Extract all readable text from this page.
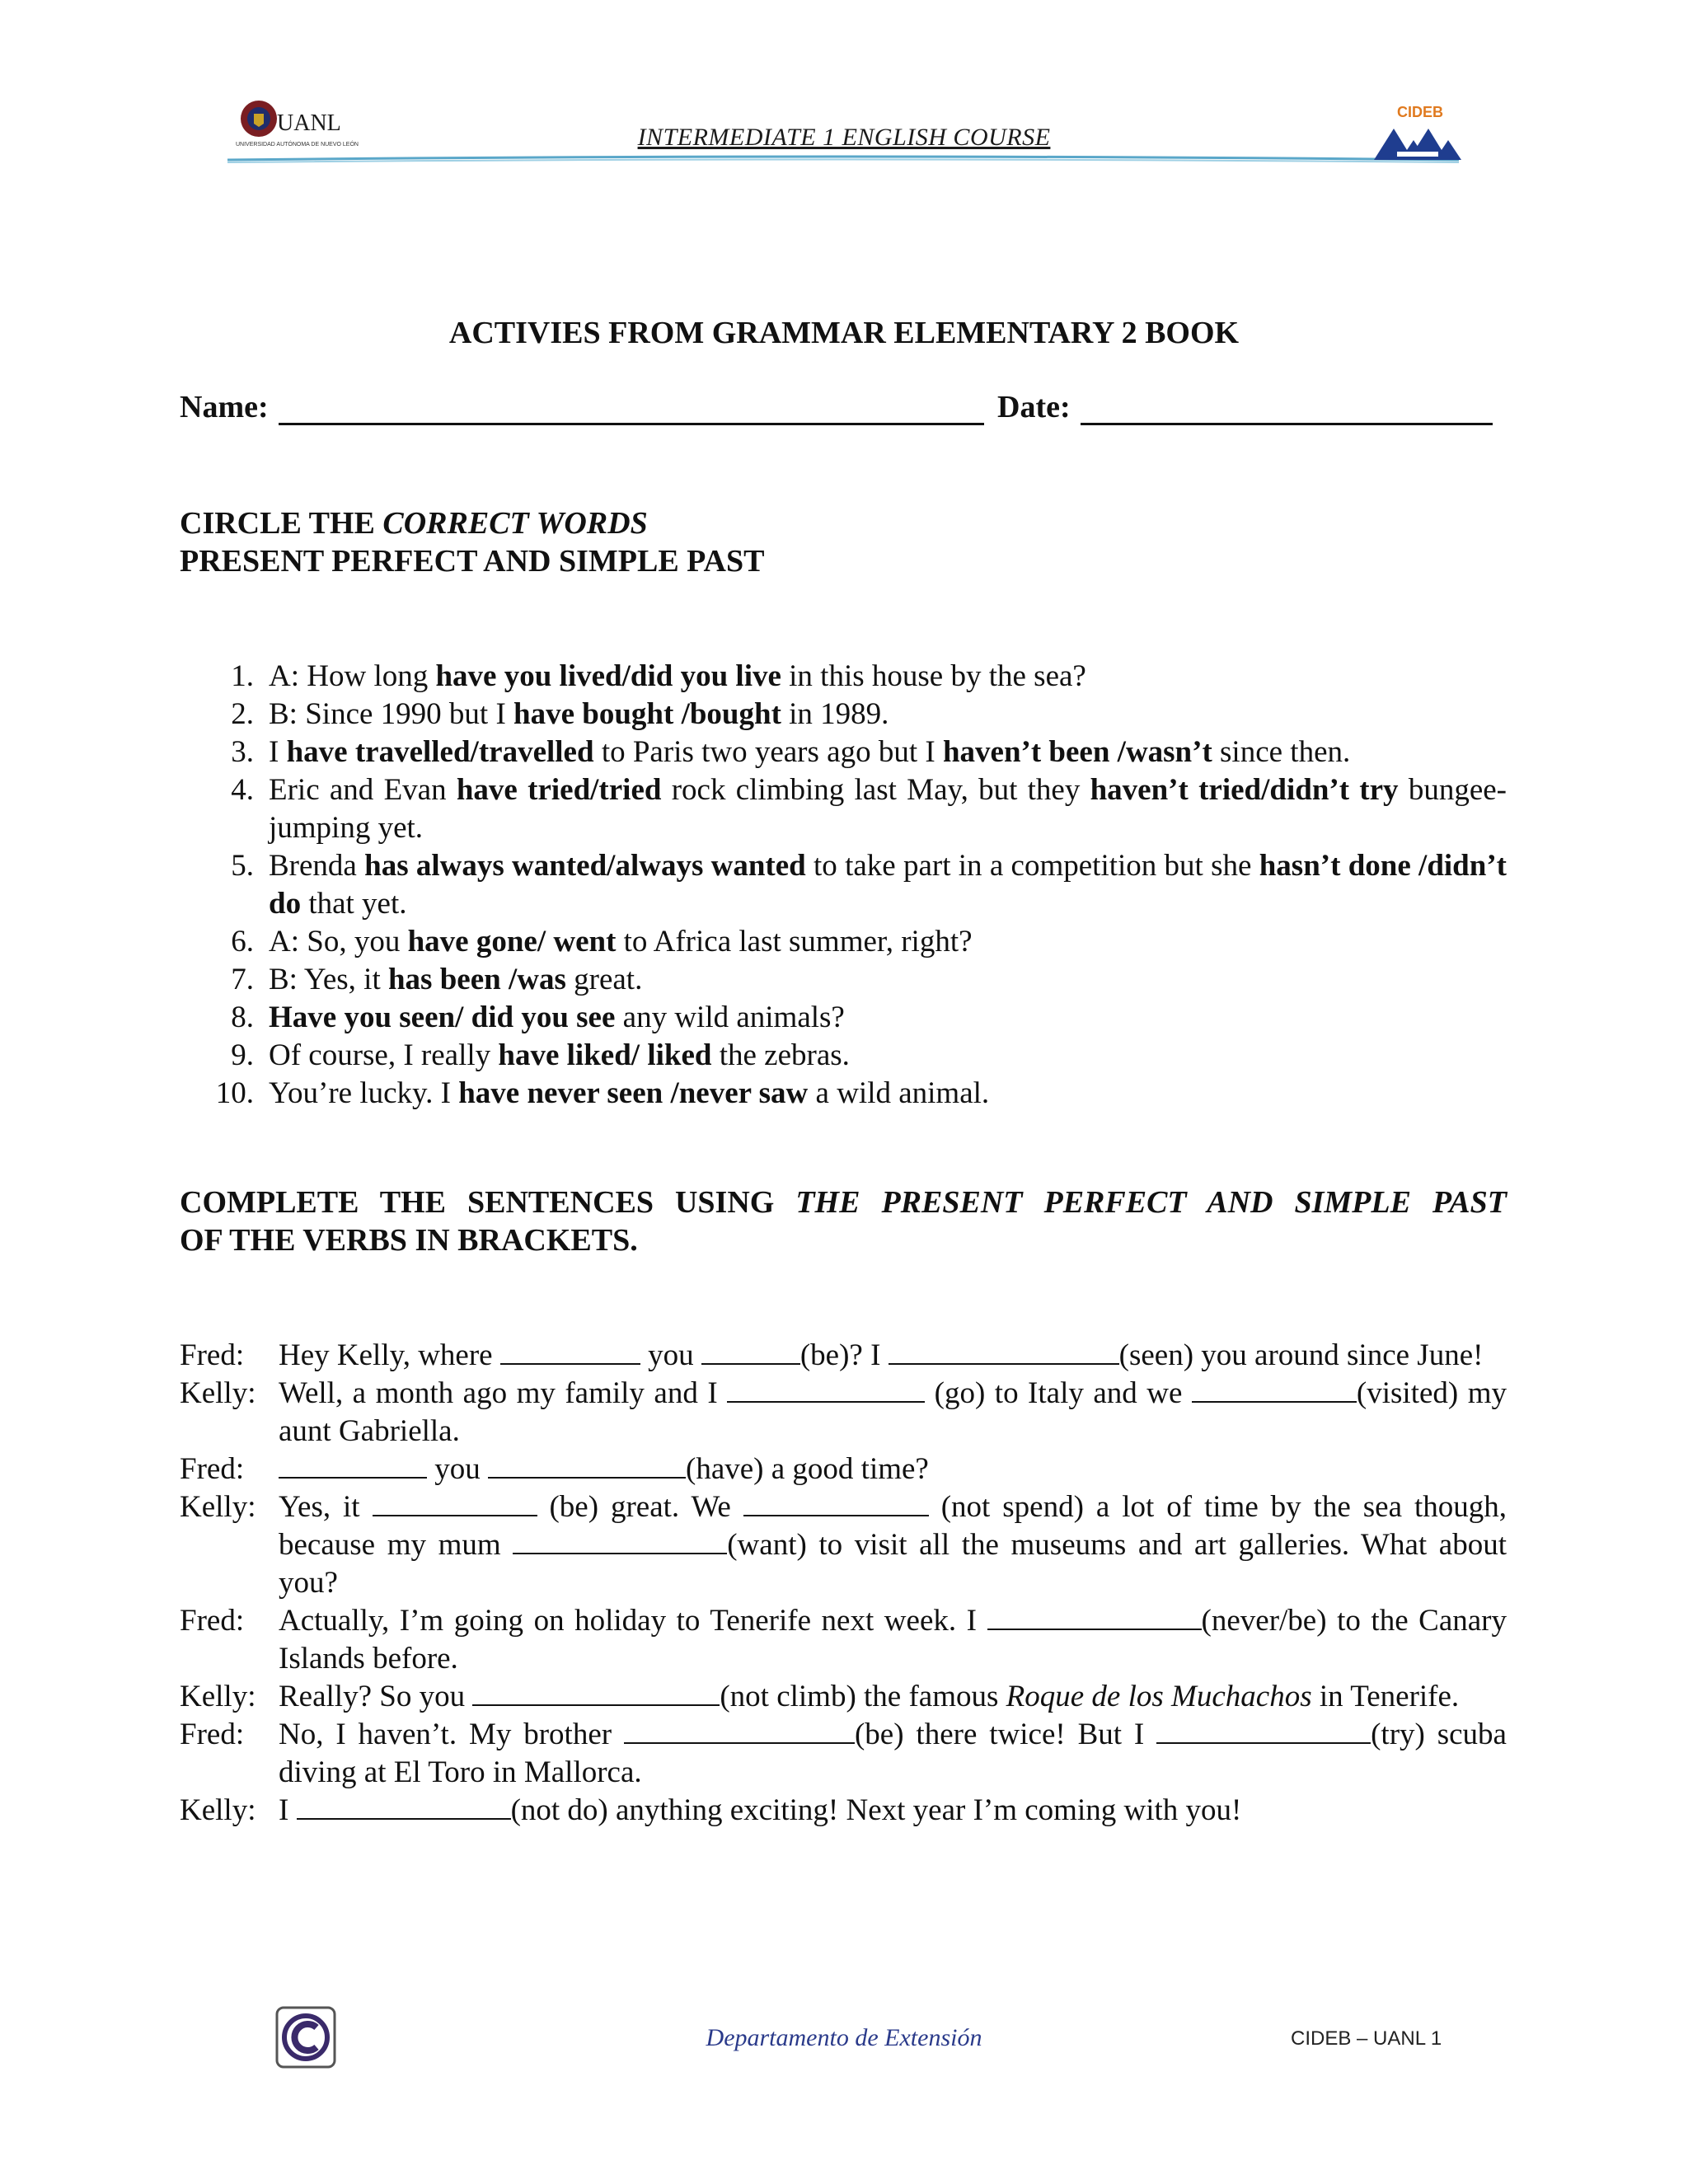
UANL
UNIVERSIDAD AUTÓNOMA DE NUEVO LEÓN	INTERMEDIATE 1 ENGLISH COURSE
CIDEB
ACTIVIES FROM GRAMMAR ELEMENTARY 2 BOOK
Name:	Date:
CIRCLE THE CORRECT WORDS
PRESENT PERFECT AND SIMPLE PAST
1. A: How long have you lived/did you live in this house by the sea?
2. B: Since 1990 but I have bought /bought in 1989.
3. I have travelled/travelled to Paris two years ago but I haven’t been /wasn’t since then.
4. Eric and Evan have tried/tried rock climbing last May, but they haven’t tried/didn’t try bungee-jumping yet.
5. Brenda has always wanted/always wanted to take part in a competition but she hasn’t done /didn’t do that yet.
6. A: So, you have gone/ went to Africa last summer, right?
7. B: Yes, it has been /was great.
8. Have you seen/ did you see any wild animals?
9. Of course, I really have liked/ liked the zebras.
10. You’re lucky. I have never seen /never saw a wild animal.
COMPLETE THE SENTENCES USING THE PRESENT PERFECT AND SIMPLE PAST
OF THE VERBS IN BRACKETS.
Fred: Hey Kelly, where	you	(be)? I	(seen) you around since June!
Kelly: Well, a month ago my family and I	(go) to Italy and we	(visited) my aunt Gabriella.
Fred:	you	(have) a good time?
Kelly: Yes, it	(be) great. We	(not spend) a lot of time by the sea though, because my mum	(want) to visit all the museums and art galleries. What about you?
Fred: Actually, I’m going on holiday to Tenerife next week. I	(never/be) to the Canary Islands before.
Kelly: Really? So you	(not climb) the famous Roque de los Muchachos in Tenerife.
Fred: No, I haven’t. My brother	(be) there twice! But I	(try) scuba diving at El Toro in Mallorca.
Kelly: I	(not do) anything exciting! Next year I’m coming with you!
Departamento de Extensión	CIDEB – UANL 1
